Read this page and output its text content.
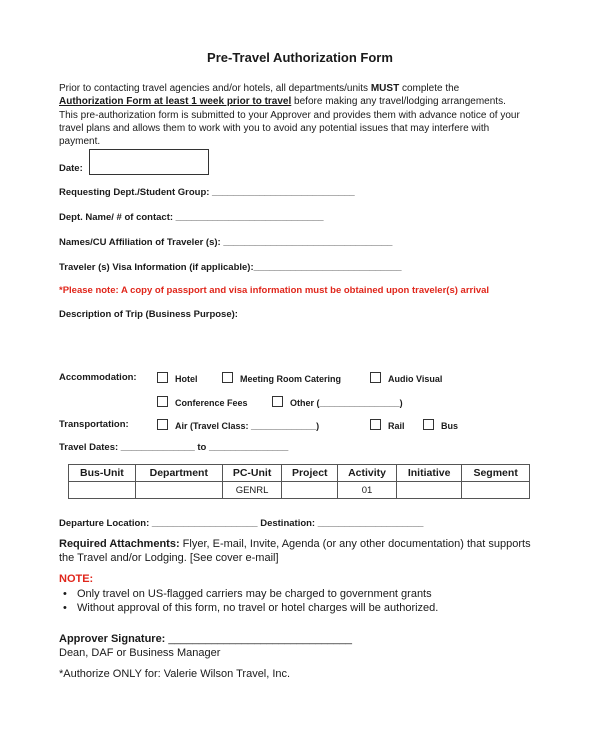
Pre-Travel Authorization Form
Prior to contacting travel agencies and/or hotels, all departments/units MUST complete the
Authorization Form at least 1 week prior to travel before making any travel/lodging arrangements.
This pre-authorization form is submitted to your Approver and provides them with advance notice of your
travel plans and allows them to work with you to avoid any potential issues that may interfere with
payment.
Date:
Requesting Dept./Student Group: ___________________________
Dept. Name/ # of contact: ____________________________
Names/CU Affiliation of Traveler (s): ________________________________
Traveler (s) Visa Information (if applicable):____________________________
*Please note: A copy of passport and visa information must be obtained upon traveler(s) arrival
Description of Trip (Business Purpose):
Accommodation:	Hotel	Meeting Room Catering	Audio Visual
Conference Fees	Other (________________)
Transportation:	Air (Travel Class: _____________)	Rail	Bus
Travel Dates: ______________ to _______________
Bus-Unit	Department	PC-Unit	Project	Activity	Initiative	Segment
		GENRL		01		
Departure Location: ____________________ Destination: ____________________
Required Attachments: Flyer, E-mail, Invite, Agenda (or any other documentation) that supports
the Travel and/or Lodging. [See cover e-mail]
NOTE:
• Only travel on US-flagged carriers may be charged to government grants
• Without approval of this form, no travel or hotel charges will be authorized.
Approver Signature: ______________________________
Dean, DAF or Business Manager
*Authorize ONLY for: Valerie Wilson Travel, Inc.
